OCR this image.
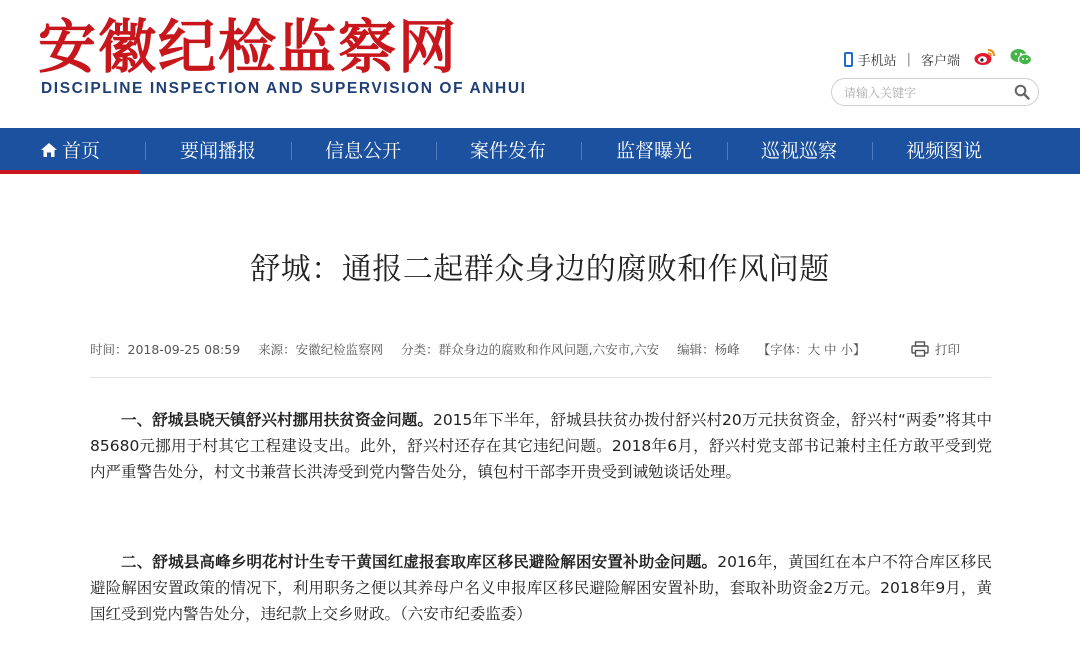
安徽纪检监察网
DISCIPLINE INSPECTION AND SUPERVISION OF ANHUI
手机站 | 客户端
请输入关键字
首页	要闻播报	信息公开	案件发布	监督曝光	巡视巡察	视频图说
舒城：通报二起群众身边的腐败和作风问题
时间：2018-09-25 08:59 来源：安徽纪检监察网 分类：群众身边的腐败和作风问题,六安市,六安 编辑：杨峰 【字体：大 中 小】	打印

一、舒城县晓天镇舒兴村挪用扶贫资金问题。2015年下半年，舒城县扶贫办拨付舒兴村20万元扶贫资金，舒兴村“两委”将其中85680元挪用于村其它工程建设支出。此外，舒兴村还存在其它违纪问题。2018年6月，舒兴村党支部书记兼村主任方敢平受到党内严重警告处分，村文书兼营长洪涛受到党内警告处分，镇包村干部李开贵受到诫勉谈话处理。

二、舒城县高峰乡明花村计生专干黄国红虚报套取库区移民避险解困安置补助金问题。2016年，黄国红在本户不符合库区移民避险解困安置政策的情况下，利用职务之便以其养母户名义申报库区移民避险解困安置补助，套取补助资金2万元。2018年9月，黄国红受到党内警告处分，违纪款上交乡财政。（六安市纪委监委）
